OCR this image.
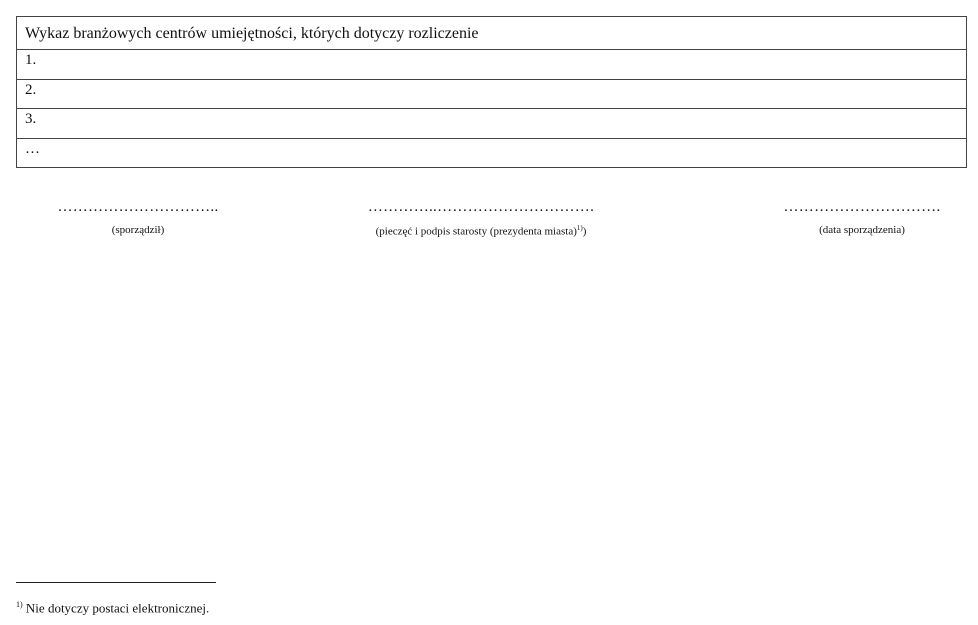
Wykaz branżowych centrów umiejętności, których dotyczy rozliczenie
1.
2.
3.
…
…………………………..
(sporządził)
…………..………………………….
(pieczęć i podpis starosty (prezydenta miasta)$^{1)}$)
………………………….
(data sporządzenia)
$^{1)}$ Nie dotyczy postaci elektronicznej.
